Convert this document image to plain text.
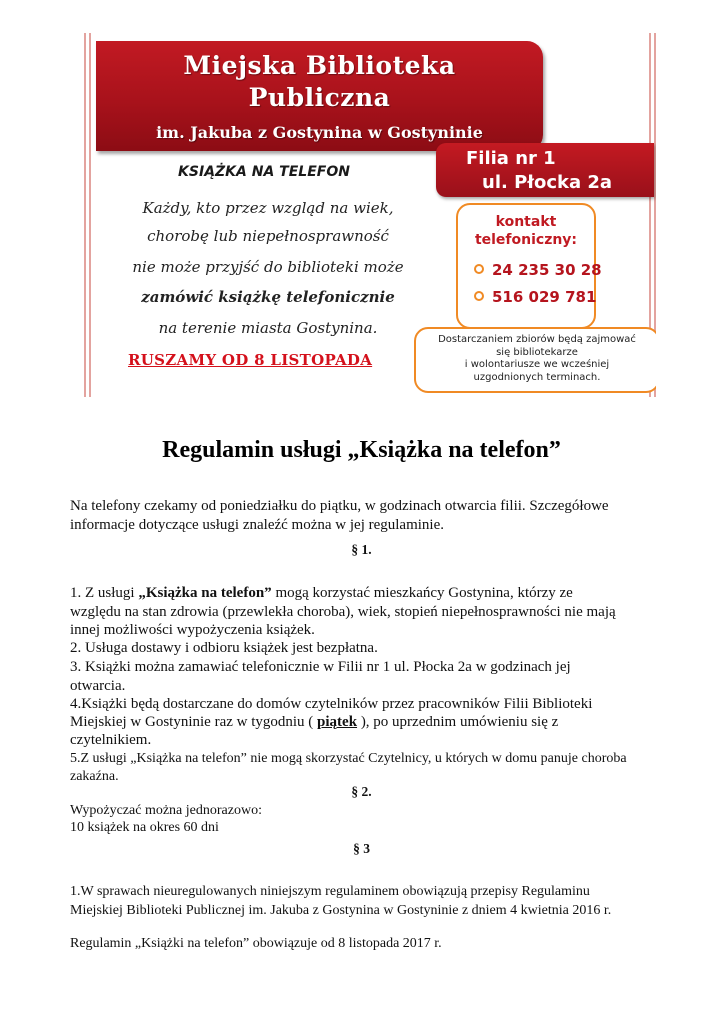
Miejska Biblioteka
Publiczna
im. Jakuba z Gostynina w Gostyninie
Filia nr 1
ul. Płocka 2a
KSIĄŻKA NA TELEFON
Każdy, kto przez wzgląd na wiek,
chorobę lub niepełnosprawność
nie może przyjść do biblioteki może
zamówić książkę telefonicznie
na terenie miasta Gostynina.
kontakt
telefoniczny:
24 235 30 28
516 029 781
Dostarczaniem zbiorów będą zajmować
się bibliotekarze
i wolontariusze we wcześniej
uzgodnionych terminach.
RUSZAMY OD 8 LISTOPADA
Regulamin usługi „Książka na telefon”
Na telefony czekamy od poniedziałku do piątku, w godzinach otwarcia filii. Szczegółowe
informacje dotyczące usługi znaleźć można w jej regulaminie.
§ 1.
1. Z usługi „Książka na telefon” mogą korzystać mieszkańcy Gostynina, którzy ze
względu na stan zdrowia (przewlekła choroba), wiek, stopień niepełnosprawności nie mają
innej możliwości wypożyczenia książek.
2. Usługa dostawy i odbioru książek jest bezpłatna.
3. Książki można zamawiać telefonicznie w Filii nr 1 ul. Płocka 2a w godzinach jej
otwarcia.
4.Książki będą dostarczane do domów czytelników przez pracowników Filii Biblioteki
Miejskiej w Gostyninie raz w tygodniu ( piątek ), po uprzednim umówieniu się z
czytelnikiem.
5.Z usługi „Książka na telefon” nie mogą skorzystać Czytelnicy, u których w domu panuje choroba
zakaźna.
§ 2.
Wypożyczać można jednorazowo:
10 książek na okres 60 dni
§ 3
1.W sprawach nieuregulowanych niniejszym regulaminem obowiązują przepisy Regulaminu
Miejskiej Biblioteki Publicznej im. Jakuba z Gostynina w Gostyninie z dniem 4 kwietnia 2016 r.
Regulamin „Książki na telefon” obowiązuje od 8 listopada 2017 r.
